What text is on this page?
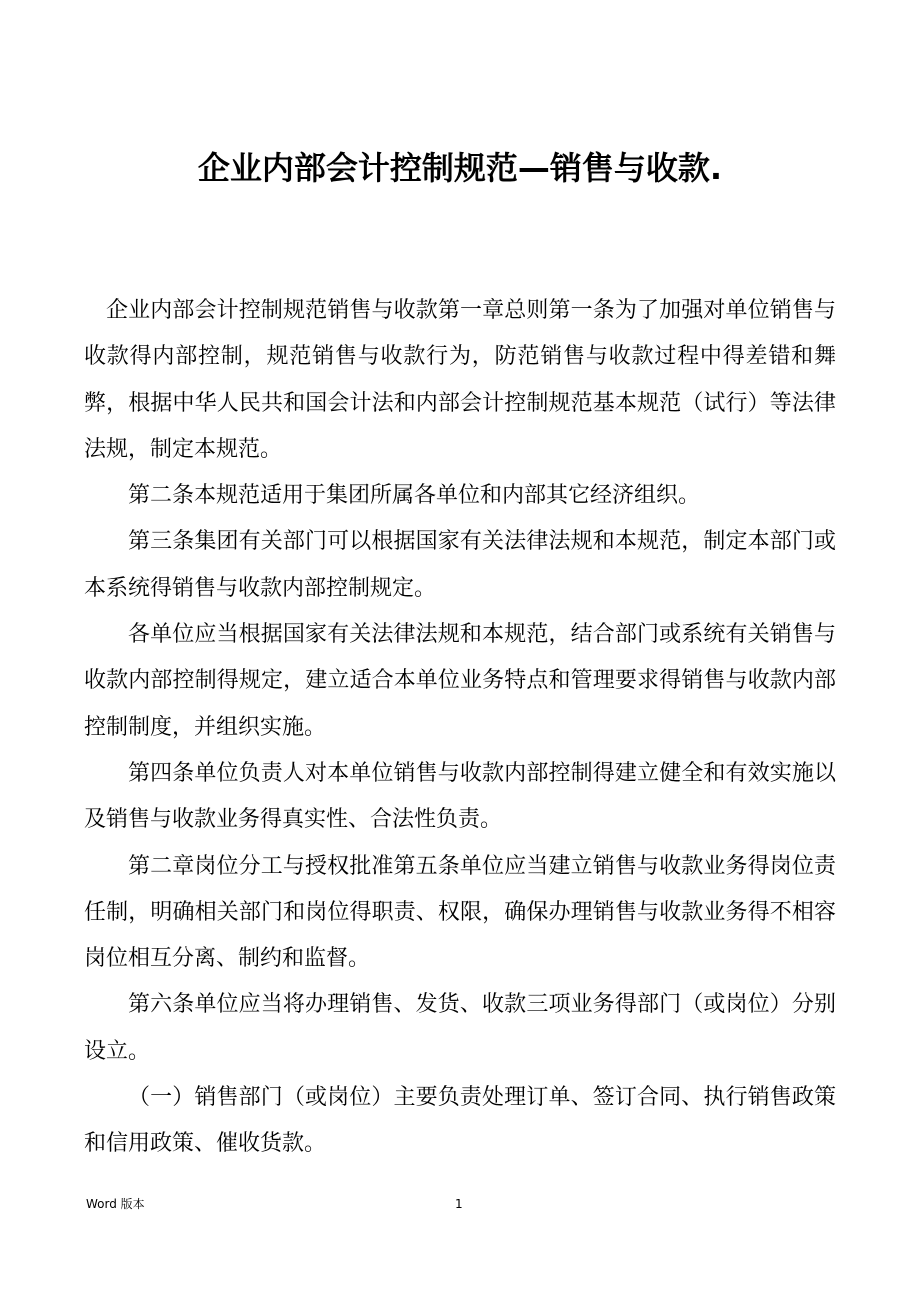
企业内部会计控制规范—销售与收款.

企业内部会计控制规范销售与收款第一章总则第一条为了加强对单位销售与收款得内部控制，规范销售与收款行为，防范销售与收款过程中得差错和舞弊，根据中华人民共和国会计法和内部会计控制规范基本规范（试行）等法律法规，制定本规范。

第二条本规范适用于集团所属各单位和内部其它经济组织。

第三条集团有关部门可以根据国家有关法律法规和本规范，制定本部门或本系统得销售与收款内部控制规定。

各单位应当根据国家有关法律法规和本规范，结合部门或系统有关销售与收款内部控制得规定，建立适合本单位业务特点和管理要求得销售与收款内部控制制度，并组织实施。

第四条单位负责人对本单位销售与收款内部控制得建立健全和有效实施以及销售与收款业务得真实性、合法性负责。

第二章岗位分工与授权批准第五条单位应当建立销售与收款业务得岗位责任制，明确相关部门和岗位得职责、权限，确保办理销售与收款业务得不相容岗位相互分离、制约和监督。

第六条单位应当将办理销售、发货、收款三项业务得部门（或岗位）分别设立。

（一）销售部门（或岗位）主要负责处理订单、签订合同、执行销售政策和信用政策、催收货款。

Word 版本	1
